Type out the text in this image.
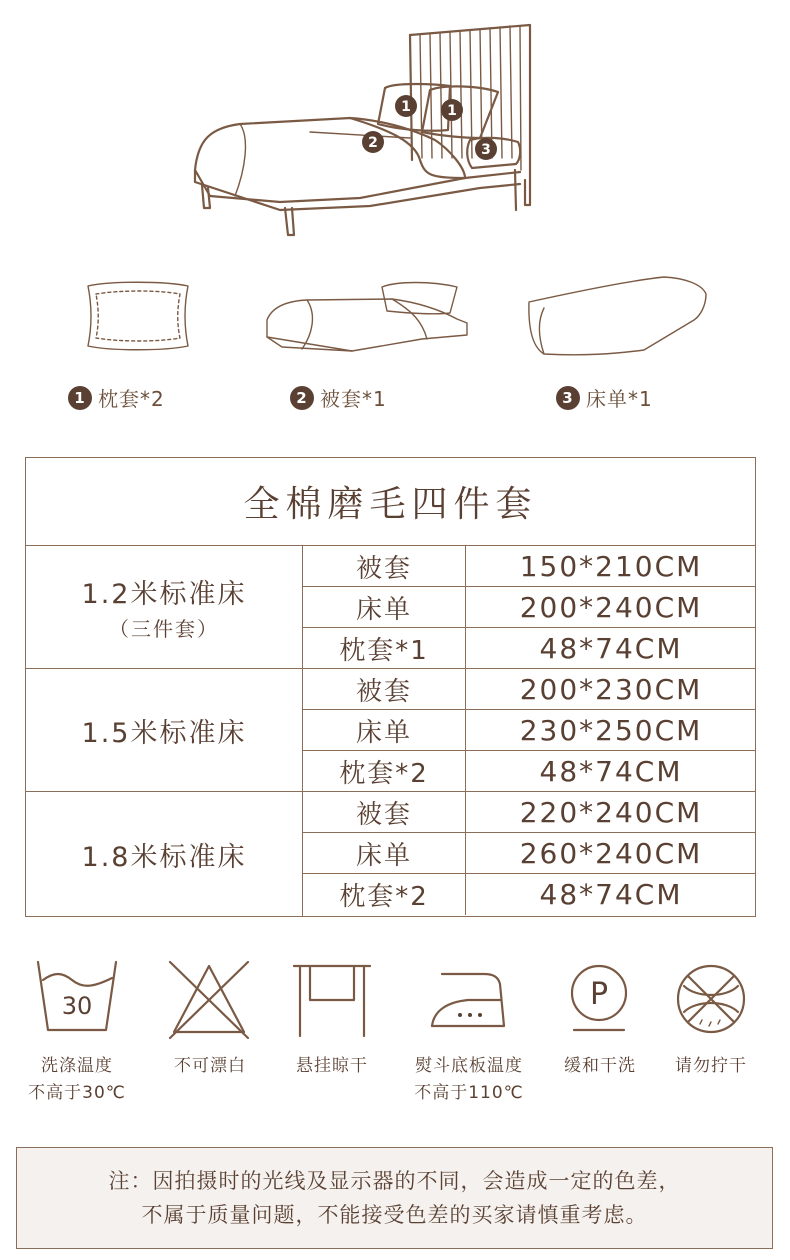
1	1
2	3
1 枕套*2	2 被套*1	3 床单*1
全棉磨毛四件套
1.2米标准床
（三件套）
被套	150*210CM
床单	200*240CM
枕套*1	48*74CM
1.5米标准床
被套	200*230CM
床单	230*250CM
枕套*2	48*74CM
1.8米标准床
被套	220*240CM
床单	260*240CM
枕套*2	48*74CM
30	P
洗涤温度
不高于30℃
不可漂白	悬挂晾干	熨斗底板温度
不高于110℃
缓和干洗	请勿拧干
注：因拍摄时的光线及显示器的不同，会造成一定的色差，
不属于质量问题，不能接受色差的买家请慎重考虑。
